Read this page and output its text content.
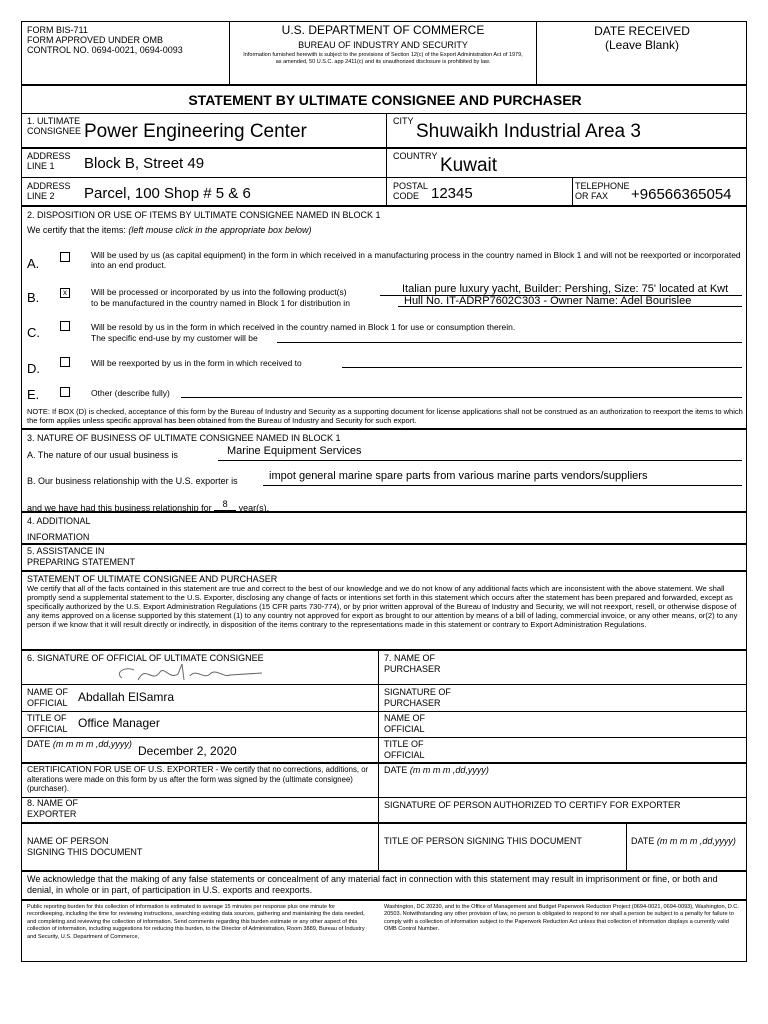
FORM BIS-711
FORM APPROVED UNDER OMB
CONTROL NO. 0694-0021, 0694-0093
U.S. DEPARTMENT OF COMMERCE
BUREAU OF INDUSTRY AND SECURITY
Information furnished herewith is subject to the provisions of Section 12(c) of the Export Administration Act of 1979, as amended, 50 U.S.C. app 2411(c) and its unauthorized disclosure is prohibited by law.
DATE RECEIVED
(Leave Blank)
STATEMENT BY ULTIMATE CONSIGNEE AND PURCHASER
1. ULTIMATE
CONSIGNEE Power Engineering Center	CITY Shuwaikh Industrial Area 3
ADDRESS
LINE 1	Block B, Street 49	COUNTRY Kuwait
ADDRESS
LINE 2	Parcel, 100 Shop # 5 & 6	POSTAL
CODE 12345	TELEPHONE
OR FAX	+96566365054
2. DISPOSITION OR USE OF ITEMS BY ULTIMATE CONSIGNEE NAMED IN BLOCK 1
We certify that the items: (left mouse click in the appropriate box below)
A.
Will be used by us (as capital equipment) in the form in which received in a manufacturing process in the country named in Block 1 and will not be reexported or incorporated into an end product.
B.	x	Will be processed or incorporated by us into the following product(s)
to be manufactured in the country named in Block 1 for distribution in
Italian pure luxury yacht, Builder: Pershing, Size: 75' located at Kwt
Hull No. IT-ADRP7602C303 - Owner Name: Adel Bourislee
C.	Will be resold by us in the form in which received in the country named in Block 1 for use or consumption therein.
The specific end-use by my customer will be
D.	Will be reexported by us in the form in which received to
E.	Other (describe fully)
NOTE: If BOX (D) is checked, acceptance of this form by the Bureau of Industry and Security as a supporting document for license applications shall not be construed as an authorization to reexport the items to which the form applies unless specific approval has been obtained from the Bureau of Industry and Security for such export.
3. NATURE OF BUSINESS OF ULTIMATE CONSIGNEE NAMED IN BLOCK 1
A. The nature of our usual business is	Marine Equipment Services
B. Our business relationship with the U.S. exporter is	impot general marine spare parts from various marine parts vendors/suppliers
and we have had this business relationship for 8 year(s).
4. ADDITIONAL
INFORMATION
5. ASSISTANCE IN
PREPARING STATEMENT
STATEMENT OF ULTIMATE CONSIGNEE AND PURCHASER
We certify that all of the facts contained in this statement are true and correct to the best of our knowledge and we do not know of any additional facts which are inconsistent with the above statement. We shall promptly send a supplemental statement to the U.S. Exporter, disclosing any change of facts or intentions set forth in this statement which occurs after the statement has been prepared and forwarded, except as specifically authorized by the U.S. Export Administration Regulations (15 CFR parts 730-774), or by prior written approval of the Bureau of Industry and Security, we will not reexport, resell, or otherwise dispose of any items approved on a license supported by this statement (1) to any country not approved for export as brought to our attention by means of a bill of lading, commercial invoice, or any other means, or(2) to any person if we know that it will result directly or indirectly, in disposition of the items contrary to the representations made in this statement or contrary to Export Administration Regulations.
6. SIGNATURE OF OFFICIAL OF ULTIMATE CONSIGNEE	7. NAME OF
PURCHASER
NAME OF
OFFICIAL Abdallah ElSamra	SIGNATURE OF
PURCHASER
TITLE OF
OFFICIAL Office Manager	NAME OF
OFFICIAL
DATE (m m m m ,dd,yyyy) December 2, 2020	TITLE OF
OFFICIAL
CERTIFICATION FOR USE OF U.S. EXPORTER - We certify that no corrections, additions, or alterations were made on this form by us after the form was signed by the (ultimate consignee)(purchaser).
DATE (m m m m ,dd,yyyy)
8. NAME OF
EXPORTER
SIGNATURE OF PERSON AUTHORIZED TO CERTIFY FOR EXPORTER
NAME OF PERSON
SIGNING THIS DOCUMENT
TITLE OF PERSON SIGNING THIS DOCUMENT	DATE (m m m m ,dd,yyyy)
We acknowledge that the making of any false statements or concealment of any material fact in connection with this statement may result in imprisonment or fine, or both and denial, in whole or in part, of participation in U.S. exports and reexports.
Public reporting burden for this collection of information is estimated to average 15 minutes per response plus one minute for recordkeeping, including the time for reviewing instructions, searching existing data sources, gathering and maintaining the data needed, and completing and reviewing the collection of information. Send comments regarding this burden estimate or any other aspect of this collection of information, including suggestions for reducing this burden, to the Director of Administration, Room 3889, Bureau of Industry and Security, U.S. Department of Commerce,
Washington, DC 20230, and to the Office of Management and Budget Paperwork Reduction Project (0694-0021, 0694-0093), Washington, D.C. 20503. Notwithstanding any other provision of law, no person is obligated to respond to nor shall a person be subject to a penalty for failure to comply with a collection of information subject to the Paperwork Reduction Act unless that collection of information displays a currently valid OMB Control Number.
